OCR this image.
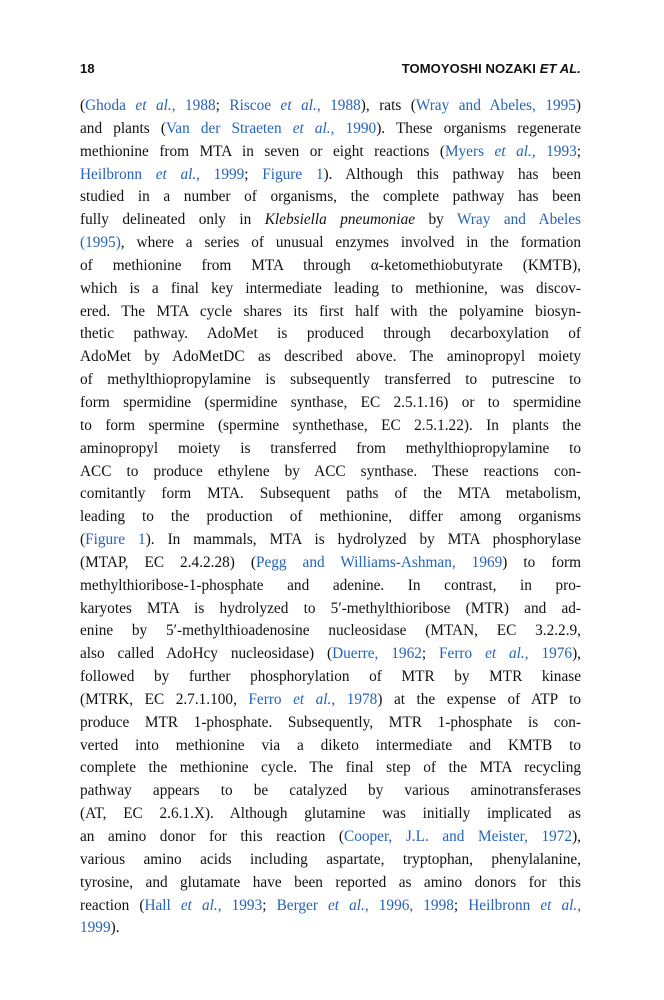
18	TOMOYOSHI NOZAKI ET AL.
(Ghoda et al., 1988; Riscoe et al., 1988), rats (Wray and Abeles, 1995)
and plants (Van der Straeten et al., 1990). These organisms regenerate
methionine from MTA in seven or eight reactions (Myers et al., 1993;
Heilbronn et al., 1999; Figure 1). Although this pathway has been
studied in a number of organisms, the complete pathway has been
fully delineated only in Klebsiella pneumoniae by Wray and Abeles
(1995), where a series of unusual enzymes involved in the formation
of methionine from MTA through α-ketomethiobutyrate (KMTB),
which is a final key intermediate leading to methionine, was discov-
ered. The MTA cycle shares its first half with the polyamine biosyn-
thetic pathway. AdoMet is produced through decarboxylation of
AdoMet by AdoMetDC as described above. The aminopropyl moiety
of methylthiopropylamine is subsequently transferred to putrescine to
form spermidine (spermidine synthase, EC 2.5.1.16) or to spermidine
to form spermine (spermine synthethase, EC 2.5.1.22). In plants the
aminopropyl moiety is transferred from methylthiopropylamine to
ACC to produce ethylene by ACC synthase. These reactions con-
comitantly form MTA. Subsequent paths of the MTA metabolism,
leading to the production of methionine, differ among organisms
(Figure 1). In mammals, MTA is hydrolyzed by MTA phosphorylase
(MTAP, EC 2.4.2.28) (Pegg and Williams-Ashman, 1969) to form
methylthioribose-1-phosphate and adenine. In contrast, in pro-
karyotes MTA is hydrolyzed to 5′-methylthioribose (MTR) and ad-
enine by 5′-methylthioadenosine nucleosidase (MTAN, EC 3.2.2.9,
also called AdoHcy nucleosidase) (Duerre, 1962; Ferro et al., 1976),
followed by further phosphorylation of MTR by MTR kinase
(MTRK, EC 2.7.1.100, Ferro et al., 1978) at the expense of ATP to
produce MTR 1-phosphate. Subsequently, MTR 1-phosphate is con-
verted into methionine via a diketo intermediate and KMTB to
complete the methionine cycle. The final step of the MTA recycling
pathway appears to be catalyzed by various aminotransferases
(AT, EC 2.6.1.X). Although glutamine was initially implicated as
an amino donor for this reaction (Cooper, J.L. and Meister, 1972),
various amino acids including aspartate, tryptophan, phenylalanine,
tyrosine, and glutamate have been reported as amino donors for this
reaction (Hall et al., 1993; Berger et al., 1996, 1998; Heilbronn et al.,
1999).
